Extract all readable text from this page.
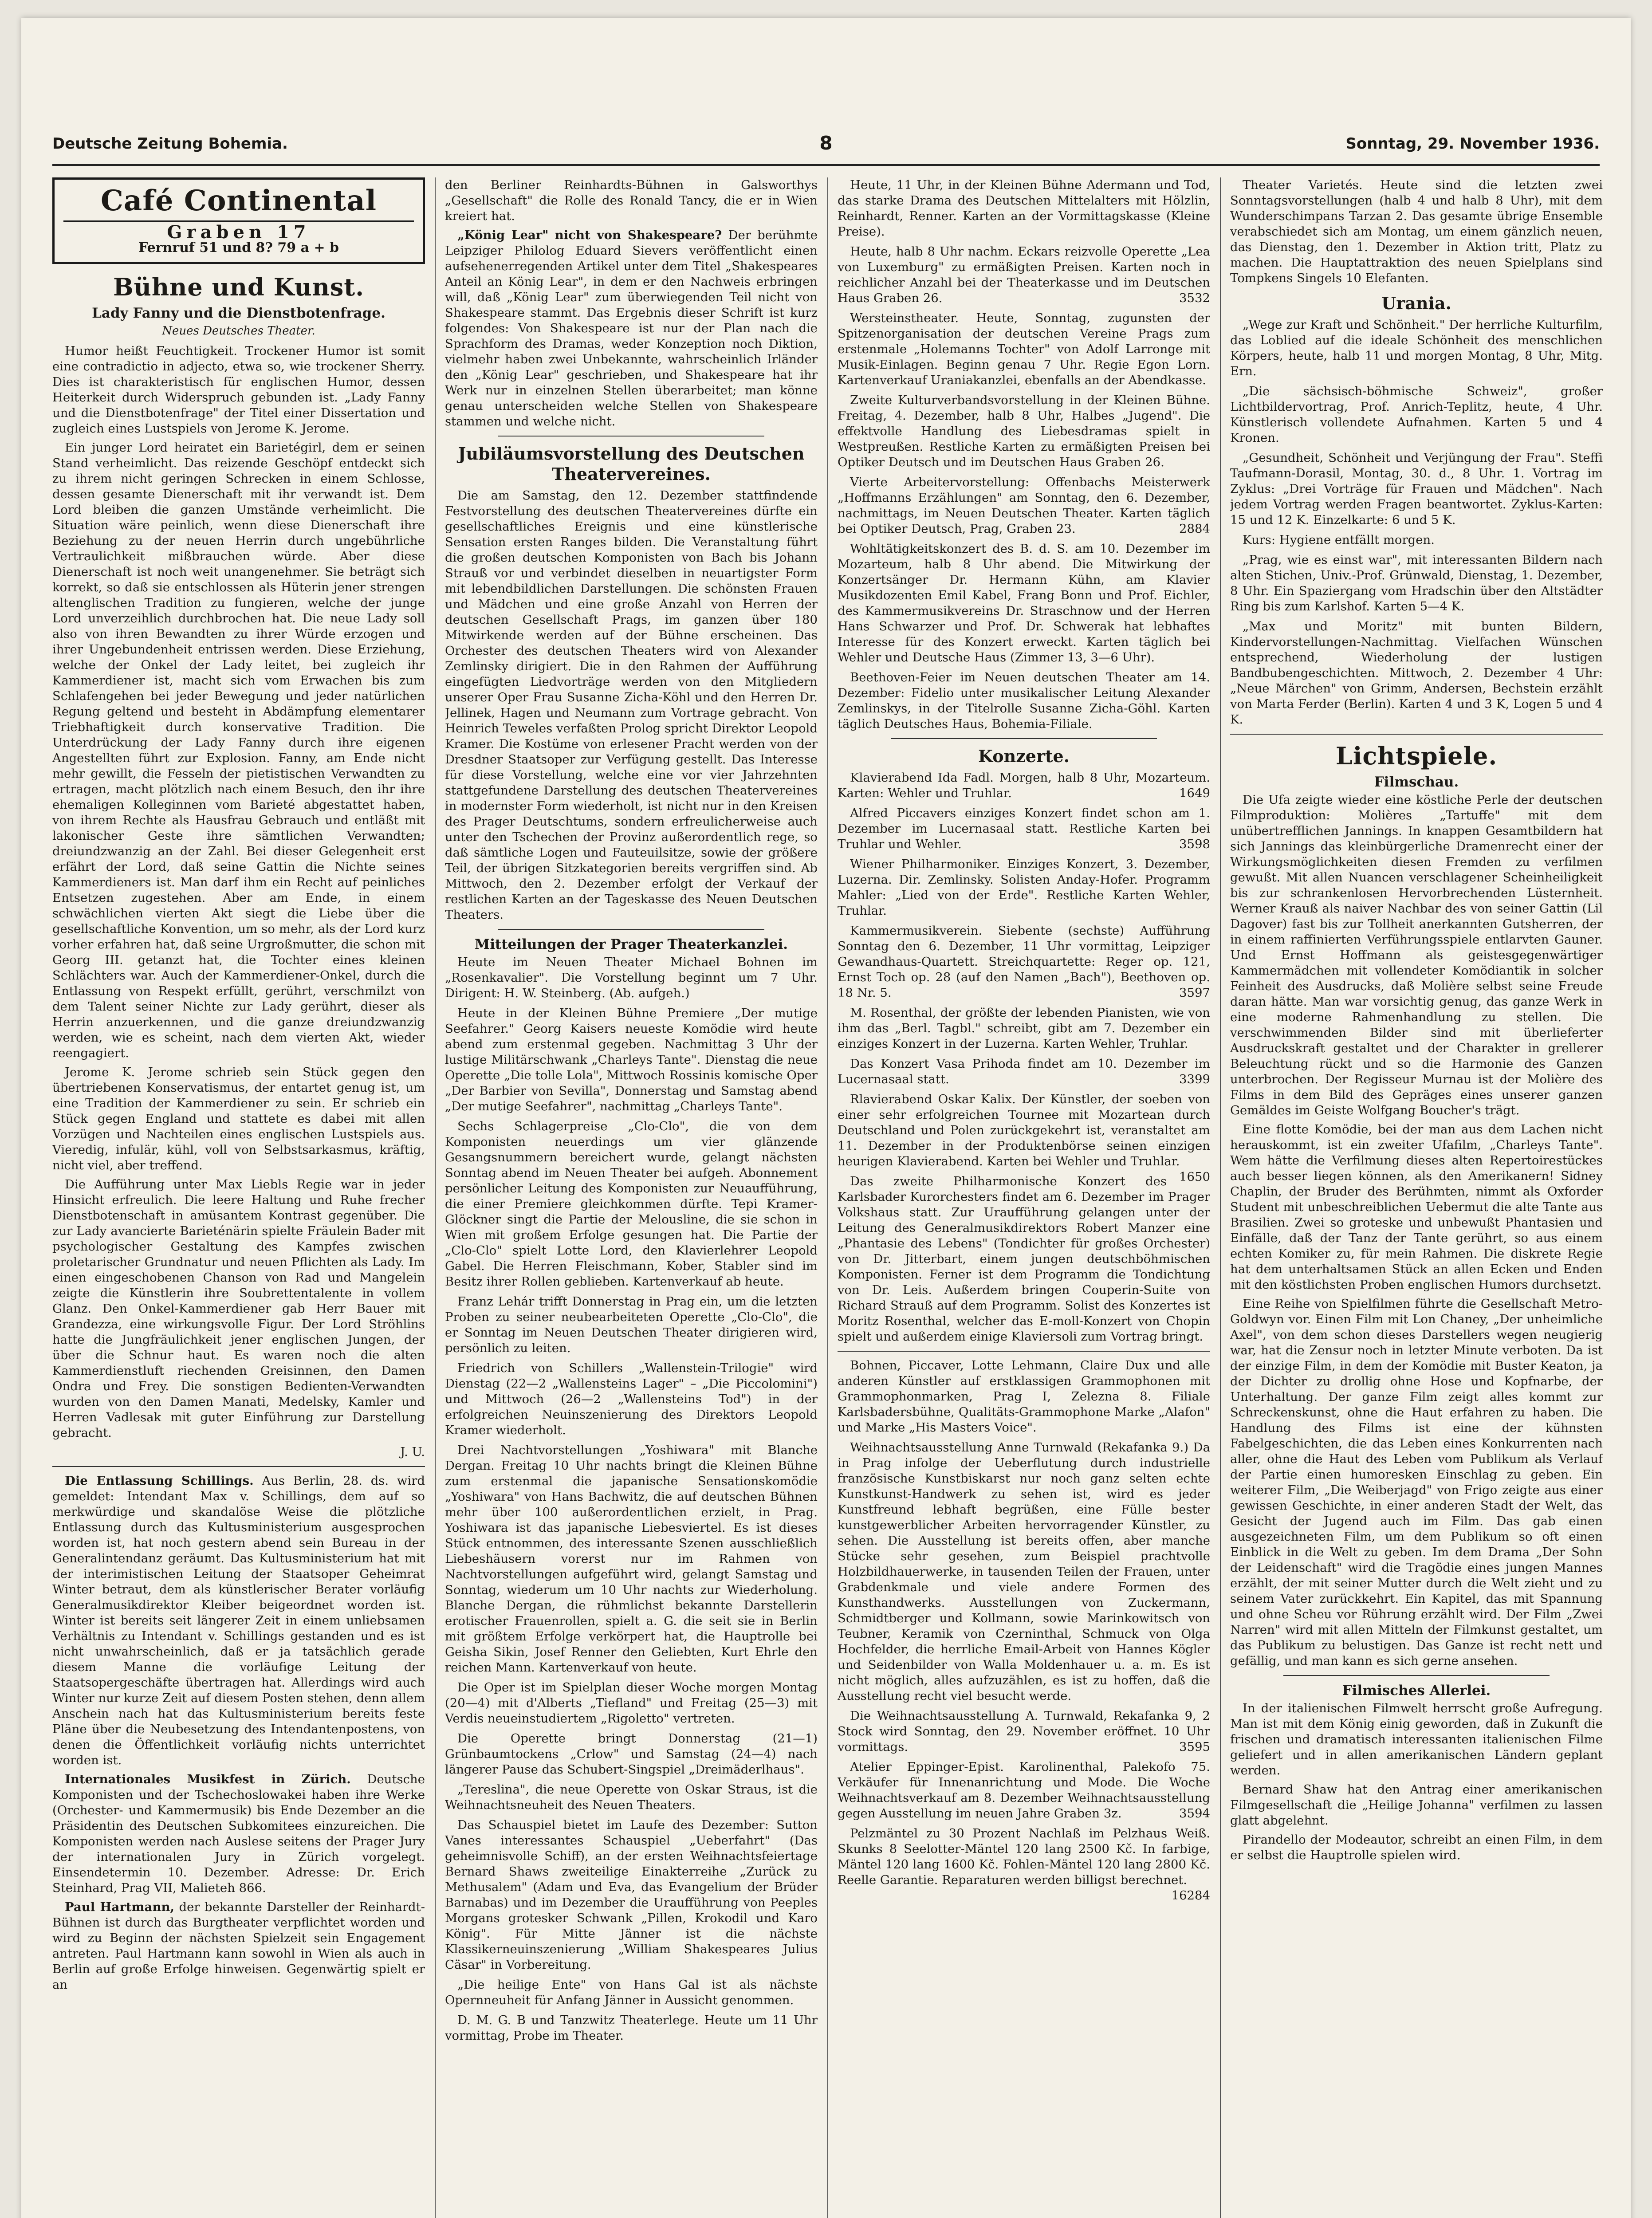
Deutsche Zeitung Bohemia.	8	Sonntag, 29. November 1936.
Café Continental
Graben 17
Fernruf 51 und 8? 79 a + b
Bühne und Kunst.
Lady Fanny und die Dienstbotenfrage.
Neues Deutsches Theater.

Humor heißt Feuchtigkeit. Trockener Humor ist somit eine contradictio in adjecto, etwa so, wie trockener Sherry. Dies ist charakteristisch für englischen Humor, dessen Heiterkeit durch Widerspruch gebunden ist. „Lady Fanny und die Dienstbotenfrage" der Titel einer Dissertation und zugleich eines Lustspiels von Jerome K. Jerome.

Ein junger Lord heiratet ein Barietégirl, dem er seinen Stand verheimlicht. Das reizende Geschöpf entdeckt sich zu ihrem nicht geringen Schrecken in einem Schlosse, dessen gesamte Dienerschaft mit ihr verwandt ist. Dem Lord bleiben die ganzen Umstände verheimlicht. Die Situation wäre peinlich, wenn diese Dienerschaft ihre Beziehung zu der neuen Herrin durch ungebührliche Vertraulichkeit mißbrauchen würde. Aber diese Dienerschaft ist noch weit unangenehmer. Sie beträgt sich korrekt, so daß sie entschlossen als Hüterin jener strengen altenglischen Tradition zu fungieren, welche der junge Lord unverzeihlich durchbrochen hat. Die neue Lady soll also von ihren Bewandten zu ihrer Würde erzogen und ihrer Ungebundenheit entrissen werden. Diese Erziehung, welche der Onkel der Lady leitet, bei zugleich ihr Kammerdiener ist, macht sich vom Erwachen bis zum Schlafengehen bei jeder Bewegung und jeder natürlichen Regung geltend und besteht in Abdämpfung elementarer Triebhaftigkeit durch konservative Tradition. Die Unterdrückung der Lady Fanny durch ihre eigenen Angestellten führt zur Explosion. Fanny, am Ende nicht mehr gewillt, die Fesseln der pietistischen Verwandten zu ertragen, macht plötzlich nach einem Besuch, den ihr ihre ehemaligen Kolleginnen vom Barieté abgestattet haben, von ihrem Rechte als Hausfrau Gebrauch und entläßt mit lakonischer Geste ihre sämtlichen Verwandten; dreiundzwanzig an der Zahl. Bei dieser Gelegenheit erst erfährt der Lord, daß seine Gattin die Nichte seines Kammerdieners ist. Man darf ihm ein Recht auf peinliches Entsetzen zugestehen. Aber am Ende, in einem schwächlichen vierten Akt siegt die Liebe über die gesellschaftliche Konvention, um so mehr, als der Lord kurz vorher erfahren hat, daß seine Urgroßmutter, die schon mit Georg III. getanzt hat, die Tochter eines kleinen Schlächters war. Auch der Kammerdiener-Onkel, durch die Entlassung von Respekt erfüllt, gerührt, verschmilzt von dem Talent seiner Nichte zur Lady gerührt, dieser als Herrin anzuerkennen, und die ganze dreiundzwanzig werden, wie es scheint, nach dem vierten Akt, wieder reengagiert.

Jerome K. Jerome schrieb sein Stück gegen den übertriebenen Konservatismus, der entartet genug ist, um eine Tradition der Kammerdiener zu sein. Er schrieb ein Stück gegen England und stattete es dabei mit allen Vorzügen und Nachteilen eines englischen Lustspiels aus. Vieredig, infulär, kühl, voll von Selbstsarkasmus, kräftig, nicht viel, aber treffend.

Die Aufführung unter Max Liebls Regie war in jeder Hinsicht erfreulich. Die leere Haltung und Ruhe frecher Dienstbotenschaft in amüsantem Kontrast gegenüber. Die zur Lady avancierte Barieténärin spielte Fräulein Bader mit psychologischer Gestaltung des Kampfes zwischen proletarischer Grundnatur und neuen Pflichten als Lady. Im einen eingeschobenen Chanson von Rad und Mangelein zeigte die Künstlerin ihre Soubrettentalente in vollem Glanz. Den Onkel-Kammerdiener gab Herr Bauer mit Grandezza, eine wirkungsvolle Figur. Der Lord Ströhlins hatte die Jungfräulichkeit jener englischen Jungen, der über die Schnur haut. Es waren noch die alten Kammerdienstluft riechenden Greisinnen, den Damen Ondra und Frey. Die sonstigen Bedienten-Verwandten wurden von den Damen Manati, Medelsky, Kamler und Herren Vadlesak mit guter Einführung zur Darstellung gebracht.

J. U.

Die Entlassung Schillings. Aus Berlin, 28. ds. wird gemeldet: Intendant Max v. Schillings, dem auf so merkwürdige und skandalöse Weise die plötzliche Entlassung durch das Kultusministerium ausgesprochen worden ist, hat noch gestern abend sein Bureau in der Generalintendanz geräumt. Das Kultusministerium hat mit der interimistischen Leitung der Staatsoper Geheimrat Winter betraut, dem als künstlerischer Berater vorläufig Generalmusikdirektor Kleiber beigeordnet worden ist. Winter ist bereits seit längerer Zeit in einem unliebsamen Verhältnis zu Intendant v. Schillings gestanden und es ist nicht unwahrscheinlich, daß er ja tatsächlich gerade diesem Manne die vorläufige Leitung der Staatsopergeschäfte übertragen hat. Allerdings wird auch Winter nur kurze Zeit auf diesem Posten stehen, denn allem Anschein nach hat das Kultusministerium bereits feste Pläne über die Neubesetzung des Intendantenpostens, von denen die Öffentlichkeit vorläufig nichts unterrichtet worden ist.

Internationales Musikfest in Zürich. Deutsche Komponisten und der Tschechoslowakei haben ihre Werke (Orchester- und Kammermusik) bis Ende Dezember an die Präsidentin des Deutschen Subkomitees einzureichen. Die Komponisten werden nach Auslese seitens der Prager Jury der internationalen Jury in Zürich vorgelegt. Einsendetermin 10. Dezember. Adresse: Dr. Erich Steinhard, Prag VII, Malieteh 866.

Paul Hartmann, der bekannte Darsteller der Reinhardt-Bühnen ist durch das Burgtheater verpflichtet worden und wird zu Beginn der nächsten Spielzeit sein Engagement antreten. Paul Hartmann kann sowohl in Wien als auch in Berlin auf große Erfolge hinweisen. Gegenwärtig spielt er an

den Berliner Reinhardts-Bühnen in Galsworthys „Gesellschaft" die Rolle des Ronald Tancy, die er in Wien kreiert hat.

„König Lear" nicht von Shakespeare? Der berühmte Leipziger Philolog Eduard Sievers veröffentlicht einen aufsehenerregenden Artikel unter dem Titel „Shakespeares Anteil an König Lear", in dem er den Nachweis erbringen will, daß „König Lear" zum überwiegenden Teil nicht von Shakespeare stammt. Das Ergebnis dieser Schrift ist kurz folgendes: Von Shakespeare ist nur der Plan nach die Sprachform des Dramas, weder Konzeption noch Diktion, vielmehr haben zwei Unbekannte, wahrscheinlich Irländer den „König Lear" geschrieben, und Shakespeare hat ihr Werk nur in einzelnen Stellen überarbeitet; man könne genau unterscheiden welche Stellen von Shakespeare stammen und welche nicht.

Jubiläumsvorstellung des Deutschen Theatervereines.

Die am Samstag, den 12. Dezember stattfindende Festvorstellung des deutschen Theatervereines dürfte ein gesellschaftliches Ereignis und eine künstlerische Sensation ersten Ranges bilden. Die Veranstaltung führt die großen deutschen Komponisten von Bach bis Johann Strauß vor und verbindet dieselben in neuartigster Form mit lebendbildlichen Darstellungen. Die schönsten Frauen und Mädchen und eine große Anzahl von Herren der deutschen Gesellschaft Prags, im ganzen über 180 Mitwirkende werden auf der Bühne erscheinen. Das Orchester des deutschen Theaters wird von Alexander Zemlinsky dirigiert. Die in den Rahmen der Aufführung eingefügten Liedvorträge werden von den Mitgliedern unserer Oper Frau Susanne Zicha-Köhl und den Herren Dr. Jellinek, Hagen und Neumann zum Vortrage gebracht. Von Heinrich Teweles verfaßten Prolog spricht Direktor Leopold Kramer. Die Kostüme von erlesener Pracht werden von der Dresdner Staatsoper zur Verfügung gestellt. Das Interesse für diese Vorstellung, welche eine vor vier Jahrzehnten stattgefundene Darstellung des deutschen Theatervereines in modernster Form wiederholt, ist nicht nur in den Kreisen des Prager Deutschtums, sondern erfreulicherweise auch unter den Tschechen der Provinz außerordentlich rege, so daß sämtliche Logen und Fauteuilsitze, sowie der größere Teil, der übrigen Sitzkategorien bereits vergriffen sind. Ab Mittwoch, den 2. Dezember erfolgt der Verkauf der restlichen Karten an der Tageskasse des Neuen Deutschen Theaters.

Mitteilungen der Prager Theaterkanzlei.

Heute im Neuen Theater Michael Bohnen im „Rosenkavalier". Die Vorstellung beginnt um 7 Uhr. Dirigent: H. W. Steinberg. (Ab. aufgeh.)

Heute in der Kleinen Bühne Premiere „Der mutige Seefahrer." Georg Kaisers neueste Komödie wird heute abend zum erstenmal gegeben. Nachmittag 3 Uhr der lustige Militärschwank „Charleys Tante". Dienstag die neue Operette „Die tolle Lola", Mittwoch Rossinis komische Oper „Der Barbier von Sevilla", Donnerstag und Samstag abend „Der mutige Seefahrer", nachmittag „Charleys Tante".

Sechs Schlagerpreise „Clo-Clo", die von dem Komponisten neuerdings um vier glänzende Gesangsnummern bereichert wurde, gelangt nächsten Sonntag abend im Neuen Theater bei aufgeh. Abonnement persönlicher Leitung des Komponisten zur Neuaufführung, die einer Premiere gleichkommen dürfte. Tepi Kramer-Glöckner singt die Partie der Melousline, die sie schon in Wien mit großem Erfolge gesungen hat. Die Partie der „Clo-Clo" spielt Lotte Lord, den Klavierlehrer Leopold Gabel. Die Herren Fleischmann, Kober, Stabler sind im Besitz ihrer Rollen geblieben. Kartenverkauf ab heute.

Franz Lehár trifft Donnerstag in Prag ein, um die letzten Proben zu seiner neubearbeiteten Operette „Clo-Clo", die er Sonntag im Neuen Deutschen Theater dirigieren wird, persönlich zu leiten.

Friedrich von Schillers „Wallenstein-Trilogie" wird Dienstag (22—2 „Wallensteins Lager" – „Die Piccolomini") und Mittwoch (26—2 „Wallensteins Tod") in der erfolgreichen Neuinszenierung des Direktors Leopold Kramer wiederholt.

Drei Nachtvorstellungen „Yoshiwara" mit Blanche Dergan. Freitag 10 Uhr nachts bringt die Kleinen Bühne zum erstenmal die japanische Sensationskomödie „Yoshiwara" von Hans Bachwitz, die auf deutschen Bühnen mehr über 100 außerordentlichen erzielt, in Prag. Yoshiwara ist das japanische Liebesviertel. Es ist dieses Stück entnommen, des interessante Szenen ausschließlich Liebeshäusern vorerst nur im Rahmen von Nachtvorstellungen aufgeführt wird, gelangt Samstag und Sonntag, wiederum um 10 Uhr nachts zur Wiederholung. Blanche Dergan, die rühmlichst bekannte Darstellerin erotischer Frauenrollen, spielt a. G. die seit sie in Berlin mit größtem Erfolge verkörpert hat, die Hauptrolle bei Geisha Sikin, Josef Renner den Geliebten, Kurt Ehrle den reichen Mann. Kartenverkauf von heute.

Die Oper ist im Spielplan dieser Woche morgen Montag (20—4) mit d'Alberts „Tiefland" und Freitag (25—3) mit Verdis neueinstudiertem „Rigoletto" vertreten.

Die Operette bringt Donnerstag (21—1) Grünbaumtockens „Crlow" und Samstag (24—4) nach längerer Pause das Schubert-Singspiel „Dreimäderlhaus".

„Tereslina", die neue Operette von Oskar Straus, ist die Weihnachtsneuheit des Neuen Theaters.

Das Schauspiel bietet im Laufe des Dezember: Sutton Vanes interessantes Schauspiel „Ueberfahrt" (Das geheimnisvolle Schiff), an der ersten Weihnachtsfeiertage Bernard Shaws zweiteilige Einakterreihe „Zurück zu Methusalem" (Adam und Eva, das Evangelium der Brüder Barnabas) und im Dezember die Uraufführung von Peeples Morgans grotesker Schwank „Pillen, Krokodil und Karo König". Für Mitte Jänner ist die nächste Klassikerneuinszenierung „William Shakespeares Julius Cäsar" in Vorbereitung.

„Die heilige Ente" von Hans Gal ist als nächste Opernneuheit für Anfang Jänner in Aussicht genommen.

D. M. G. B und Tanzwitz Theaterlege. Heute um 11 Uhr vormittag, Probe im Theater.

Heute, 11 Uhr, in der Kleinen Bühne Adermann und Tod, das starke Drama des Deutschen Mittelalters mit Hölzlin, Reinhardt, Renner. Karten an der Vormittagskasse (Kleine Preise).

Heute, halb 8 Uhr nachm. Eckars reizvolle Operette „Lea von Luxemburg" zu ermäßigten Preisen. Karten noch in reichlicher Anzahl bei der Theaterkasse und im Deutschen Haus Graben 26.	3532

Wersteinstheater. Heute, Sonntag, zugunsten der Spitzenorganisation der deutschen Vereine Prags zum erstenmale „Holemanns Tochter" von Adolf Larronge mit Musik-Einlagen. Beginn genau 7 Uhr. Regie Egon Lorn. Kartenverkauf Uraniakanzlei, ebenfalls an der Abendkasse.

Zweite Kulturverbandsvorstellung in der Kleinen Bühne. Freitag, 4. Dezember, halb 8 Uhr, Halbes „Jugend". Die effektvolle Handlung des Liebesdramas spielt in Westpreußen. Restliche Karten zu ermäßigten Preisen bei Optiker Deutsch und im Deutschen Haus Graben 26.

Vierte Arbeitervorstellung: Offenbachs Meisterwerk „Hoffmanns Erzählungen" am Sonntag, den 6. Dezember, nachmittags, im Neuen Deutschen Theater. Karten täglich bei Optiker Deutsch, Prag, Graben 23.	2884

Wohltätigkeitskonzert des B. d. S. am 10. Dezember im Mozarteum, halb 8 Uhr abend. Die Mitwirkung der Konzertsänger Dr. Hermann Kühn, am Klavier Musikdozenten Emil Kabel, Frang Bonn und Prof. Eichler, des Kammermusikvereins Dr. Straschnow und der Herren Hans Schwarzer und Prof. Dr. Schwerak hat lebhaftes Interesse für des Konzert erweckt. Karten täglich bei Wehler und Deutsche Haus (Zimmer 13, 3—6 Uhr).

Beethoven-Feier im Neuen deutschen Theater am 14. Dezember: Fidelio unter musikalischer Leitung Alexander Zemlinskys, in der Titelrolle Susanne Zicha-Göhl. Karten täglich Deutsches Haus, Bohemia-Filiale.

Konzerte.

Klavierabend Ida Fadl. Morgen, halb 8 Uhr, Mozarteum. Karten: Wehler und Truhlar.	1649

Alfred Piccavers einziges Konzert findet schon am 1. Dezember im Lucernasaal statt. Restliche Karten bei Truhlar und Wehler.	3598

Wiener Philharmoniker. Einziges Konzert, 3. Dezember, Luzerna. Dir. Zemlinsky. Solisten Anday-Hofer. Programm Mahler: „Lied von der Erde". Restliche Karten Wehler, Truhlar.

Kammermusikverein. Siebente (sechste) Aufführung Sonntag den 6. Dezember, 11 Uhr vormittag, Leipziger Gewandhaus-Quartett. Streichquartette: Reger op. 121, Ernst Toch op. 28 (auf den Namen „Bach"), Beethoven op. 18 Nr. 5.	3597

M. Rosenthal, der größte der lebenden Pianisten, wie von ihm das „Berl. Tagbl." schreibt, gibt am 7. Dezember ein einziges Konzert in der Luzerna. Karten Wehler, Truhlar.

Das Konzert Vasa Prihoda findet am 10. Dezember im Lucernasaal statt.	3399

Rlavierabend Oskar Kalix. Der Künstler, der soeben von einer sehr erfolgreichen Tournee mit Mozartean durch Deutschland und Polen zurückgekehrt ist, veranstaltet am 11. Dezember in der Produktenbörse seinen einzigen heurigen Klavierabend. Karten bei Wehler und Truhlar.
1650

Das zweite Philharmonische Konzert des Karlsbader Kurorchesters findet am 6. Dezember im Prager Volkshaus statt. Zur Uraufführung gelangen unter der Leitung des Generalmusikdirektors Robert Manzer eine „Phantasie des Lebens" (Tondichter für großes Orchester) von Dr. Jitterbart, einem jungen deutschböhmischen Komponisten. Ferner ist dem Programm die Tondichtung von Dr. Leis. Außerdem bringen Couperin-Suite von Richard Strauß auf dem Programm. Solist des Konzertes ist Moritz Rosenthal, welcher das E-moll-Konzert von Chopin spielt und außerdem einige Klaviersoli zum Vortrag bringt.

Bohnen, Piccaver, Lotte Lehmann, Claire Dux und alle anderen Künstler auf erstklassigen Grammophonen mit Grammophonmarken, Prag I, Zelezna 8. Filiale Karlsbadersbühne, Qualitäts-Grammophone Marke „Alafon" und Marke „His Masters Voice".

Weihnachtsausstellung Anne Turnwald (Rekafanka 9.) Da in Prag infolge der Ueberflutung durch industrielle französische Kunstbiskarst nur noch ganz selten echte Kunstkunst-Handwerk zu sehen ist, wird es jeder Kunstfreund lebhaft begrüßen, eine Fülle bester kunstgewerblicher Arbeiten hervorragender Künstler, zu sehen. Die Ausstellung ist bereits offen, aber manche Stücke sehr gesehen, zum Beispiel prachtvolle Holzbildhauerwerke, in tausenden Teilen der Frauen, unter Grabdenkmale und viele andere Formen des Kunsthandwerks. Ausstellungen von Zuckermann, Schmidtberger und Kollmann, sowie Marinkowitsch von Teubner, Keramik von Czerninthal, Schmuck von Olga Hochfelder, die herrliche Email-Arbeit von Hannes Kögler und Seidenbilder von Walla Moldenhauer u. a. m. Es ist nicht möglich, alles aufzuzählen, es ist zu hoffen, daß die Ausstellung recht viel besucht werde.

Die Weihnachtsausstellung A. Turnwald, Rekafanka 9, 2 Stock wird Sonntag, den 29. November eröffnet. 10 Uhr vormittags.	3595

Atelier Eppinger-Epist. Karolinenthal, Palekofo 75. Verkäufer für Innenanrichtung und Mode. Die Woche Weihnachtsverkauf am 8. Dezember Weihnachtsausstellung gegen Ausstellung im neuen Jahre Graben 3z.	3594

Pelzmäntel zu 30 Prozent Nachlaß im Pelzhaus Weiß. Skunks 8 Seelotter-Mäntel 120 lang 2500 Kč. In farbige, Mäntel 120 lang 1600 Kč. Fohlen-Mäntel 120 lang 2800 Kč. Reelle Garantie. Reparaturen werden billigst berechnet.
16284

Theater Varietés. Heute sind die letzten zwei Sonntagsvorstellungen (halb 4 und halb 8 Uhr), mit dem Wunderschimpans Tarzan 2. Das gesamte übrige Ensemble verabschiedet sich am Montag, um einem gänzlich neuen, das Dienstag, den 1. Dezember in Aktion tritt, Platz zu machen. Die Hauptattraktion des neuen Spielplans sind Tompkens Singels 10 Elefanten.

Urania.

„Wege zur Kraft und Schönheit." Der herrliche Kulturfilm, das Loblied auf die ideale Schönheit des menschlichen Körpers, heute, halb 11 und morgen Montag, 8 Uhr, Mitg. Ern.

„Die sächsisch-böhmische Schweiz", großer Lichtbildervortrag, Prof. Anrich-Teplitz, heute, 4 Uhr. Künstlerisch vollendete Aufnahmen. Karten 5 und 4 Kronen.

„Gesundheit, Schönheit und Verjüngung der Frau". Steffi Taufmann-Dorasil, Montag, 30. d., 8 Uhr. 1. Vortrag im Zyklus: „Drei Vorträge für Frauen und Mädchen". Nach jedem Vortrag werden Fragen beantwortet. Zyklus-Karten: 15 und 12 K. Einzelkarte: 6 und 5 K.

Kurs: Hygiene entfällt morgen.

„Prag, wie es einst war", mit interessanten Bildern nach alten Stichen, Univ.-Prof. Grünwald, Dienstag, 1. Dezember, 8 Uhr. Ein Spaziergang vom Hradschin über den Altstädter Ring bis zum Karlshof. Karten 5—4 K.

„Max und Moritz" mit bunten Bildern, Kindervorstellungen-Nachmittag. Vielfachen Wünschen entsprechend, Wiederholung der lustigen Bandbubengeschichten. Mittwoch, 2. Dezember 4 Uhr: „Neue Märchen" von Grimm, Andersen, Bechstein erzählt von Marta Ferder (Berlin). Karten 4 und 3 K, Logen 5 und 4 K.

Lichtspiele.
Filmschau.

Die Ufa zeigte wieder eine köstliche Perle der deutschen Filmproduktion: Molières „Tartuffe" mit dem unübertrefflichen Jannings. In knappen Gesamtbildern hat sich Jannings das kleinbürgerliche Dramenrecht einer der Wirkungsmöglichkeiten diesen Fremden zu verfilmen gewußt. Mit allen Nuancen verschlagener Scheinheiligkeit bis zur schrankenlosen Hervorbrechenden Lüsternheit. Werner Krauß als naiver Nachbar des von seiner Gattin (Lil Dagover) fast bis zur Tollheit anerkannten Gutsherren, der in einem raffinierten Verführungsspiele entlarvten Gauner. Und Ernst Hoffmann als geistesgegenwärtiger Kammermädchen mit vollendeter Komödiantik in solcher Feinheit des Ausdrucks, daß Molière selbst seine Freude daran hätte. Man war vorsichtig genug, das ganze Werk in eine moderne Rahmenhandlung zu stellen. Die verschwimmenden Bilder sind mit überlieferter Ausdruckskraft gestaltet und der Charakter in grellerer Beleuchtung rückt und so die Harmonie des Ganzen unterbrochen. Der Regisseur Murnau ist der Molière des Films in dem Bild des Gepräges eines unserer ganzen Gemäldes im Geiste Wolfgang Boucher's trägt.

Eine flotte Komödie, bei der man aus dem Lachen nicht herauskommt, ist ein zweiter Ufafilm, „Charleys Tante". Wem hätte die Verfilmung dieses alten Repertoirestückes auch besser liegen können, als den Amerikanern! Sidney Chaplin, der Bruder des Berühmten, nimmt als Oxforder Student mit unbeschreiblichen Uebermut die alte Tante aus Brasilien. Zwei so groteske und unbewußt Phantasien und Einfälle, daß der Tanz der Tante gerührt, so aus einem echten Komiker zu, für mein Rahmen. Die diskrete Regie hat dem unterhaltsamen Stück an allen Ecken und Enden mit den köstlichsten Proben englischen Humors durchsetzt.

Eine Reihe von Spielfilmen führte die Gesellschaft Metro-Goldwyn vor. Einen Film mit Lon Chaney, „Der unheimliche Axel", von dem schon dieses Darstellers wegen neugierig war, hat die Zensur noch in letzter Minute verboten. Da ist der einzige Film, in dem der Komödie mit Buster Keaton, ja der Dichter zu drollig ohne Hose und Kopfnarbe, der Unterhaltung. Der ganze Film zeigt alles kommt zur Schreckenskunst, ohne die Haut erfahren zu haben. Die Handlung des Films ist eine der kühnsten Fabelgeschichten, die das Leben eines Konkurrenten nach aller, ohne die Haut des Leben vom Publikum als Verlauf der Partie einen humoresken Einschlag zu geben. Ein weiterer Film, „Die Weiberjagd" von Frigo zeigte aus einer gewissen Geschichte, in einer anderen Stadt der Welt, das Gesicht der Jugend auch im Film. Das gab einen ausgezeichneten Film, um dem Publikum so oft einen Einblick in die Welt zu geben. Im dem Drama „Der Sohn der Leidenschaft" wird die Tragödie eines jungen Mannes erzählt, der mit seiner Mutter durch die Welt zieht und zu seinem Vater zurückkehrt. Ein Kapitel, das mit Spannung und ohne Scheu vor Rührung erzählt wird. Der Film „Zwei Narren" wird mit allen Mitteln der Filmkunst gestaltet, um das Publikum zu belustigen. Das Ganze ist recht nett und gefällig, und man kann es sich gerne ansehen.

Filmisches Allerlei.

In der italienischen Filmwelt herrscht große Aufregung. Man ist mit dem König einig geworden, daß in Zukunft die frischen und dramatisch interessanten italienischen Filme geliefert und in allen amerikanischen Ländern geplant werden.

Bernard Shaw hat den Antrag einer amerikanischen Filmgesellschaft die „Heilige Johanna" verfilmen zu lassen glatt abgelehnt.

Pirandello der Modeautor, schreibt an einen Film, in dem er selbst die Hauptrolle spielen wird.
